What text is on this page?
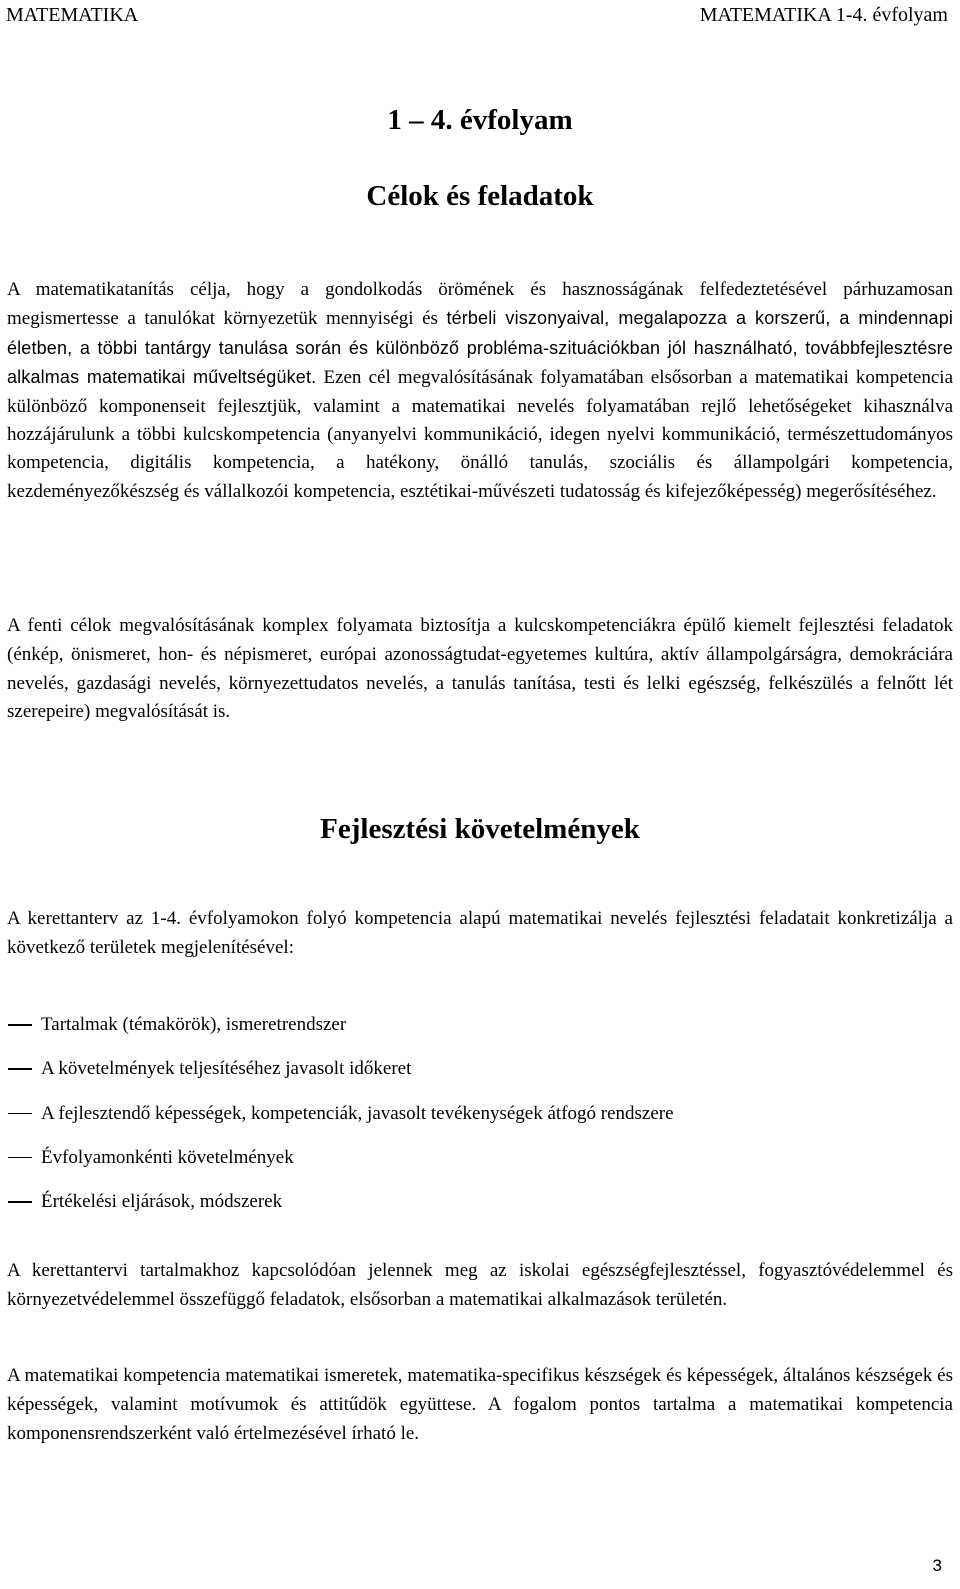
MATEMATIKA	MATEMATIKA 1-4. évfolyam
1 – 4. évfolyam
Célok és feladatok

A matematikatanítás célja, hogy a gondolkodás örömének és hasznosságának felfedeztetésével párhuzamosan megismertesse a tanulókat környezetük mennyiségi és térbeli viszonyaival, megalapozza a korszerű, a mindennapi életben, a többi tantárgy tanulása során és különböző probléma-szituációkban jól használható, továbbfejlesztésre alkalmas matematikai műveltségüket. Ezen cél megvalósításának folyamatában elsősorban a matematikai kompetencia különböző komponenseit fejlesztjük, valamint a matematikai nevelés folyamatában rejlő lehetőségeket kihasználva hozzájárulunk a többi kulcskompetencia (anyanyelvi kommunikáció, idegen nyelvi kommunikáció, természettudományos kompetencia, digitális kompetencia, a hatékony, önálló tanulás, szociális és állampolgári kompetencia, kezdeményezőkészség és vállalkozói kompetencia, esztétikai-művészeti tudatosság és kifejezőképesség) megerősítéséhez.

A fenti célok megvalósításának komplex folyamata biztosítja a kulcskompetenciákra épülő kiemelt fejlesztési feladatok (énkép, önismeret, hon- és népismeret, európai azonosságtudat-egyetemes kultúra, aktív állampolgárságra, demokráciára nevelés, gazdasági nevelés, környezettudatos nevelés, a tanulás tanítása, testi és lelki egészség, felkészülés a felnőtt lét szerepeire) megvalósítását is.

Fejlesztési követelmények

A kerettanterv az 1-4. évfolyamokon folyó kompetencia alapú matematikai nevelés fejlesztési feladatait konkretizálja a következő területek megjelenítésével:

Tartalmak (témakörök), ismeretrendszer
A követelmények teljesítéséhez javasolt időkeret
A fejlesztendő képességek, kompetenciák, javasolt tevékenységek átfogó rendszere
Évfolyamonkénti követelmények
Értékelési eljárások, módszerek

A kerettantervi tartalmakhoz kapcsolódóan jelennek meg az iskolai egészségfejlesztéssel, fogyasztóvédelemmel és környezetvédelemmel összefüggő feladatok, elsősorban a matematikai alkalmazások területén.

A matematikai kompetencia matematikai ismeretek, matematika-specifikus készségek és képességek, általános készségek és képességek, valamint motívumok és attitűdök együttese. A fogalom pontos tartalma a matematikai kompetencia komponensrendszerként való értelmezésével írható le.

3
